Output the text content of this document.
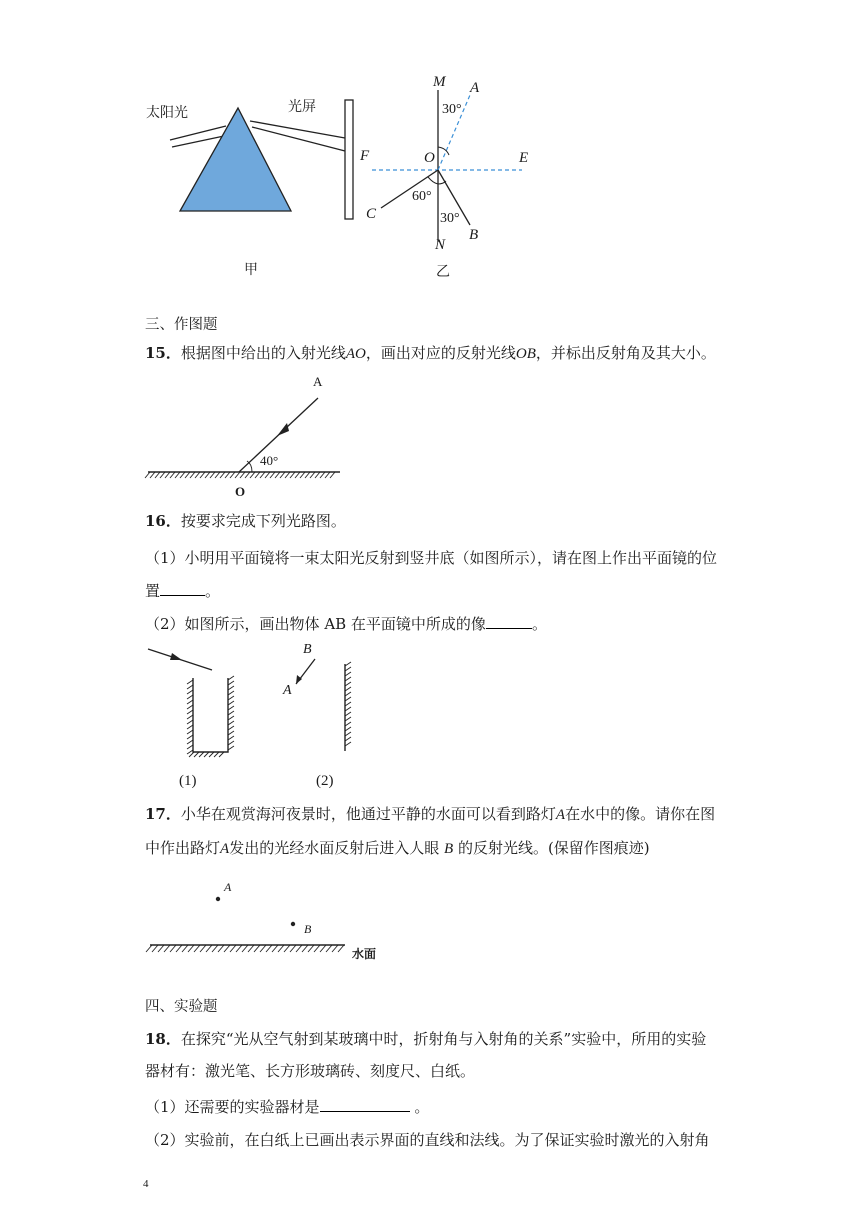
太阳光	光屏
F
甲
M A
30°
O	E
60°
C	30°
B
N
乙
三、作图题
15．根据图中给出的入射光线AO，画出对应的反射光线OB，并标出反射角及其大小。
A
40°
O
16．按要求完成下列光路图。
（1）小明用平面镜将一束太阳光反射到竖井底（如图所示），请在图上作出平面镜的位
置	。
（2）如图所示，画出物体 AB 在平面镜中所成的像	。
B
A
(1)	(2)
17．小华在观赏海河夜景时，他通过平静的水面可以看到路灯A在水中的像。请你在图
中作出路灯A发出的光经水面反射后进入人眼 B 的反射光线。(保留作图痕迹)
A
B
水面
四、实验题
18．在探究“光从空气射到某玻璃中时，折射角与入射角的关系”实验中，所用的实验
器材有：激光笔、长方形玻璃砖、刻度尺、白纸。
（1）还需要的实验器材是	。
（2）实验前，在白纸上已画出表示界面的直线和法线。为了保证实验时激光的入射角
4
